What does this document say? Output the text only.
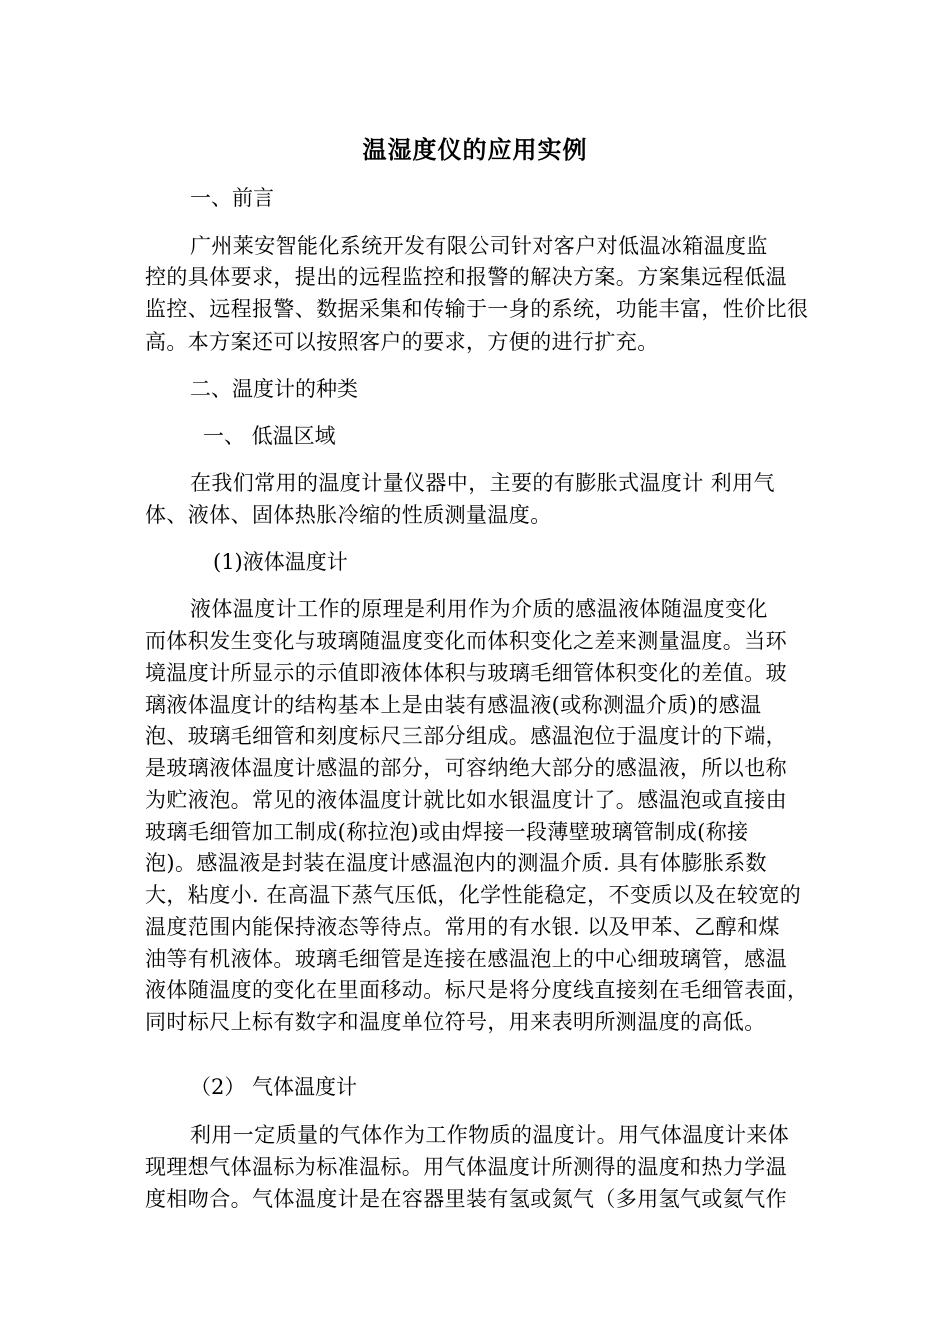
温湿度仪的应用实例
一、前言
广州莱安智能化系统开发有限公司针对客户对低温冰箱温度监
控的具体要求，提出的远程监控和报警的解决方案。方案集远程低温
监控、远程报警、数据采集和传输于一身的系统，功能丰富，性价比很
高。本方案还可以按照客户的要求，方便的进行扩充。
二、温度计的种类
一、 低温区域
在我们常用的温度计量仪器中，主要的有膨胀式温度计 利用气
体、液体、固体热胀冷缩的性质测量温度。
(1)液体温度计
液体温度计工作的原理是利用作为介质的感温液体随温度变化
而体积发生变化与玻璃随温度变化而体积变化之差来测量温度。当环
境温度计所显示的示值即液体体积与玻璃毛细管体积变化的差值。玻
璃液体温度计的结构基本上是由装有感温液(或称测温介质)的感温
泡、玻璃毛细管和刻度标尺三部分组成。感温泡位于温度计的下端，
是玻璃液体温度计感温的部分，可容纳绝大部分的感温液，所以也称
为贮液泡。常见的液体温度计就比如水银温度计了。感温泡或直接由
玻璃毛细管加工制成(称拉泡)或由焊接一段薄壁玻璃管制成(称接
泡)。感温液是封装在温度计感温泡内的测温介质. 具有体膨胀系数
大，粘度小. 在高温下蒸气压低，化学性能稳定，不变质以及在较宽的
温度范围内能保持液态等待点。常用的有水银. 以及甲苯、乙醇和煤
油等有机液体。玻璃毛细管是连接在感温泡上的中心细玻璃管，感温
液体随温度的变化在里面移动。标尺是将分度线直接刻在毛细管表面，
同时标尺上标有数字和温度单位符号，用来表明所测温度的高低。
（2） 气体温度计
利用一定质量的气体作为工作物质的温度计。用气体温度计来体
现理想气体温标为标准温标。用气体温度计所测得的温度和热力学温
度相吻合。气体温度计是在容器里装有氢或氮气（多用氢气或氦气作
